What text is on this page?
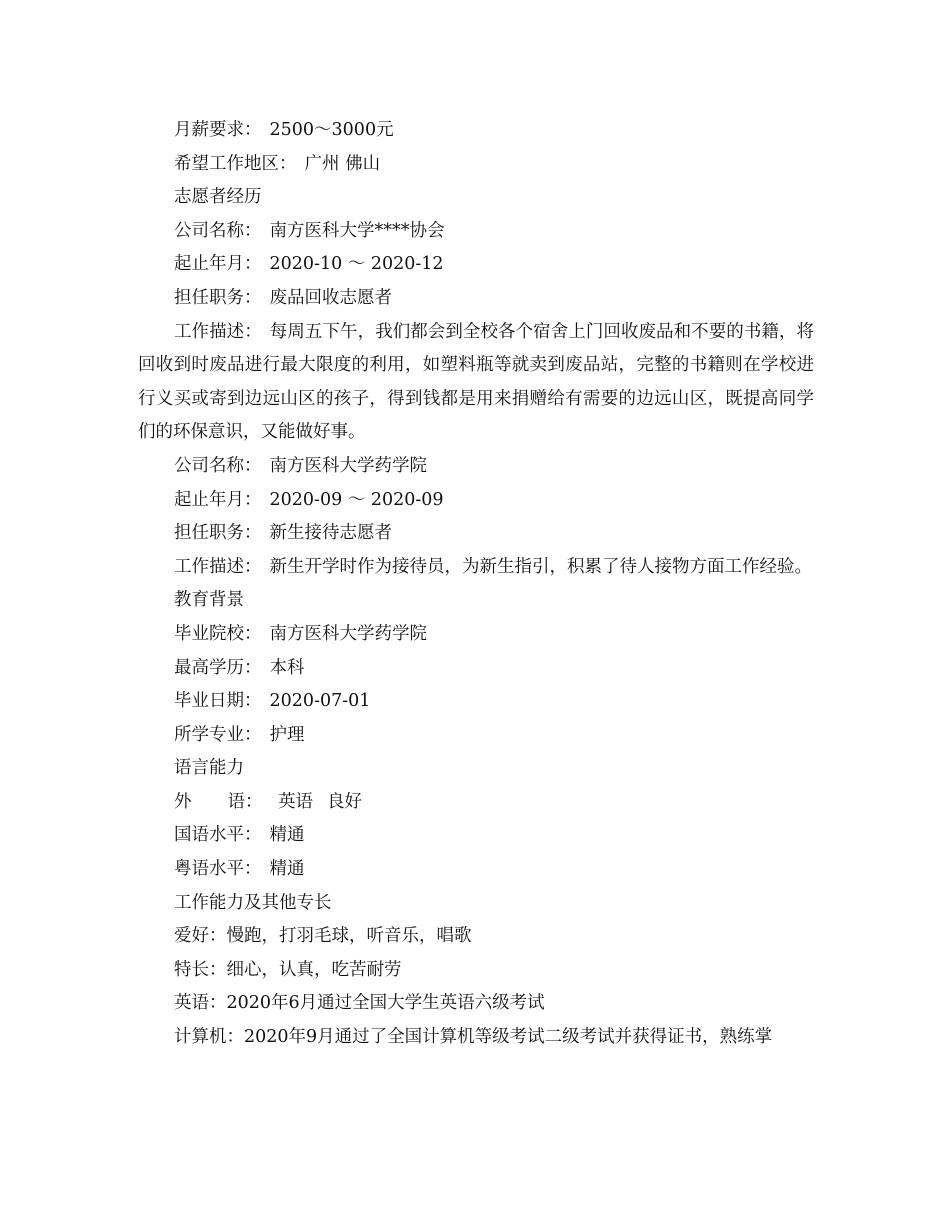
月薪要求： 2500～3000元

希望工作地区： 广州 佛山

志愿者经历

公司名称： 南方医科大学****协会

起止年月： 2020-10 ～ 2020-12

担任职务： 废品回收志愿者

工作描述： 每周五下午，我们都会到全校各个宿舍上门回收废品和不要的书籍，将回收到时废品进行最大限度的利用，如塑料瓶等就卖到废品站，完整的书籍则在学校进行义买或寄到边远山区的孩子，得到钱都是用来捐赠给有需要的边远山区，既提高同学们的环保意识，又能做好事。

公司名称： 南方医科大学药学院

起止年月： 2020-09 ～ 2020-09

担任职务： 新生接待志愿者

工作描述： 新生开学时作为接待员，为新生指引，积累了待人接物方面工作经验。

教育背景

毕业院校： 南方医科大学药学院

最高学历： 本科

毕业日期： 2020-07-01

所学专业： 护理

语言能力

外 语： 英语 良好

国语水平： 精通

粤语水平： 精通

工作能力及其他专长

爱好：慢跑，打羽毛球，听音乐，唱歌

特长：细心，认真，吃苦耐劳

英语：2020年6月通过全国大学生英语六级考试

计算机：2020年9月通过了全国计算机等级考试二级考试并获得证书，熟练掌
